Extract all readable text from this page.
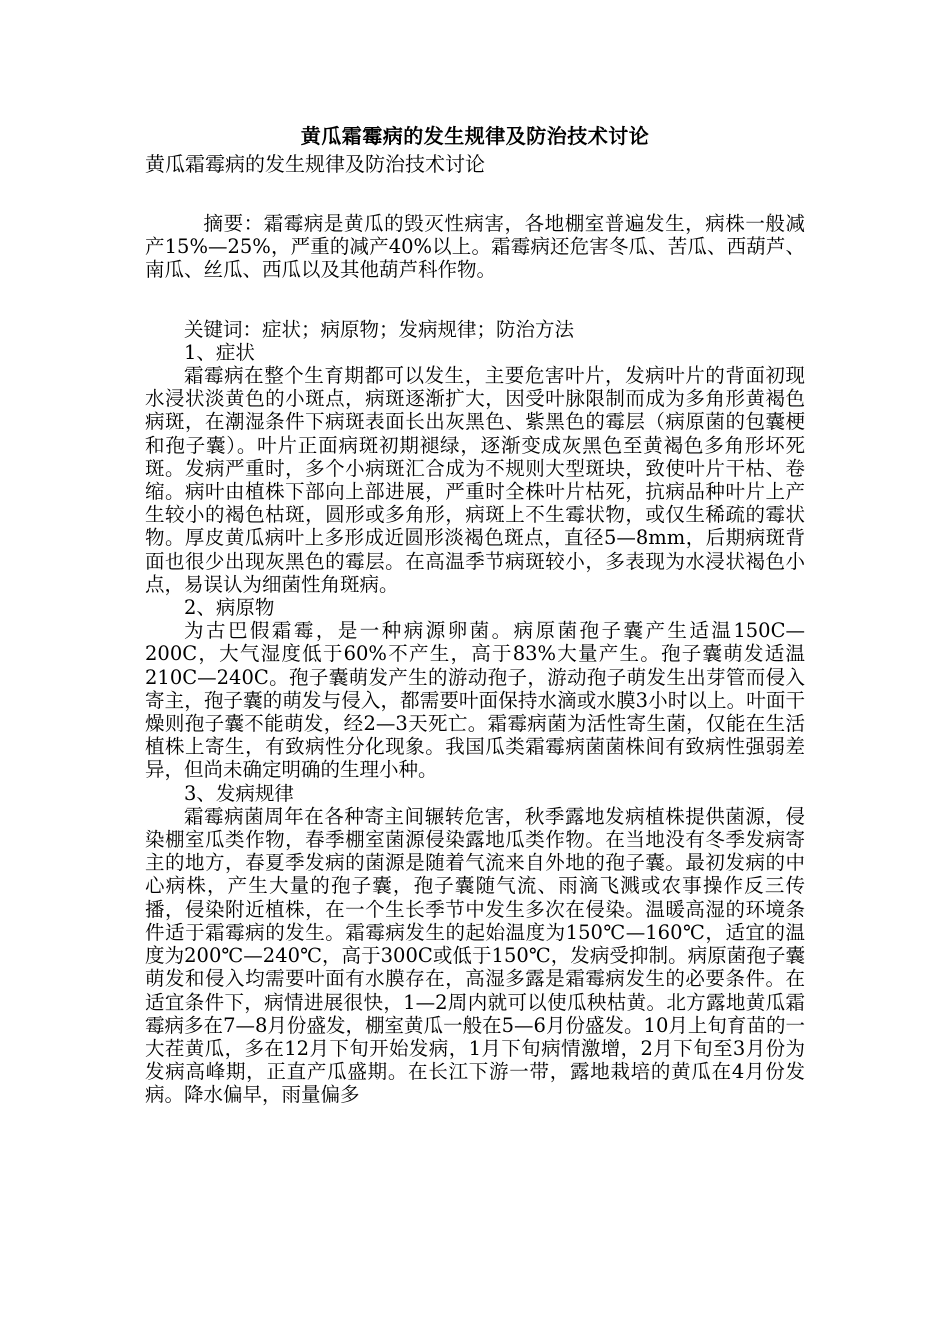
黄瓜霜霉病的发生规律及防治技术讨论

黄瓜霜霉病的发生规律及防治技术讨论

摘要：霜霉病是黄瓜的毁灭性病害，各地棚室普遍发生，病株一般减产15%—25%，严重的减产40%以上。霜霉病还危害冬瓜、苦瓜、西葫芦、南瓜、丝瓜、西瓜以及其他葫芦科作物。

关键词：症状；病原物；发病规律；防治方法

1、症状

霜霉病在整个生育期都可以发生，主要危害叶片，发病叶片的背面初现水浸状淡黄色的小斑点，病斑逐渐扩大，因受叶脉限制而成为多角形黄褐色病斑，在潮湿条件下病斑表面长出灰黑色、紫黑色的霉层（病原菌的包囊梗和孢子囊）。叶片正面病斑初期褪绿，逐渐变成灰黑色至黄褐色多角形坏死斑。发病严重时，多个小病斑汇合成为不规则大型斑块，致使叶片干枯、卷缩。病叶由植株下部向上部进展，严重时全株叶片枯死，抗病品种叶片上产生较小的褐色枯斑，圆形或多角形，病斑上不生霉状物，或仅生稀疏的霉状物。厚皮黄瓜病叶上多形成近圆形淡褐色斑点，直径5—8mm，后期病斑背面也很少出现灰黑色的霉层。在高温季节病斑较小，多表现为水浸状褐色小点，易误认为细菌性角斑病。

2、病原物

为古巴假霜霉，是一种病源卵菌。病原菌孢子囊产生适温150C—200C，大气湿度低于60%不产生，高于83%大量产生。孢子囊萌发适温210C—240C。孢子囊萌发产生的游动孢子，游动孢子萌发生出芽管而侵入寄主，孢子囊的萌发与侵入，都需要叶面保持水滴或水膜3小时以上。叶面干燥则孢子囊不能萌发，经2—3天死亡。霜霉病菌为活性寄生菌，仅能在生活植株上寄生，有致病性分化现象。我国瓜类霜霉病菌菌株间有致病性强弱差异，但尚未确定明确的生理小种。

3、发病规律

霜霉病菌周年在各种寄主间辗转危害，秋季露地发病植株提供菌源，侵染棚室瓜类作物，春季棚室菌源侵染露地瓜类作物。在当地没有冬季发病寄主的地方，春夏季发病的菌源是随着气流来自外地的孢子囊。最初发病的中心病株，产生大量的孢子囊，孢子囊随气流、雨滴飞溅或农事操作反三传播，侵染附近植株，在一个生长季节中发生多次在侵染。温暖高湿的环境条件适于霜霉病的发生。霜霉病发生的起始温度为150℃—160℃，适宜的温度为200℃—240℃，高于300C或低于150℃，发病受抑制。病原菌孢子囊萌发和侵入均需要叶面有水膜存在，高湿多露是霜霉病发生的必要条件。在适宜条件下，病情进展很快，1—2周内就可以使瓜秧枯黄。北方露地黄瓜霜霉病多在7—8月份盛发，棚室黄瓜一般在5—6月份盛发。10月上旬育苗的一大茬黄瓜，多在12月下旬开始发病，1月下旬病情激增，2月下旬至3月份为发病高峰期，正直产瓜盛期。在长江下游一带，露地栽培的黄瓜在4月份发病。降水偏早，雨量偏多
